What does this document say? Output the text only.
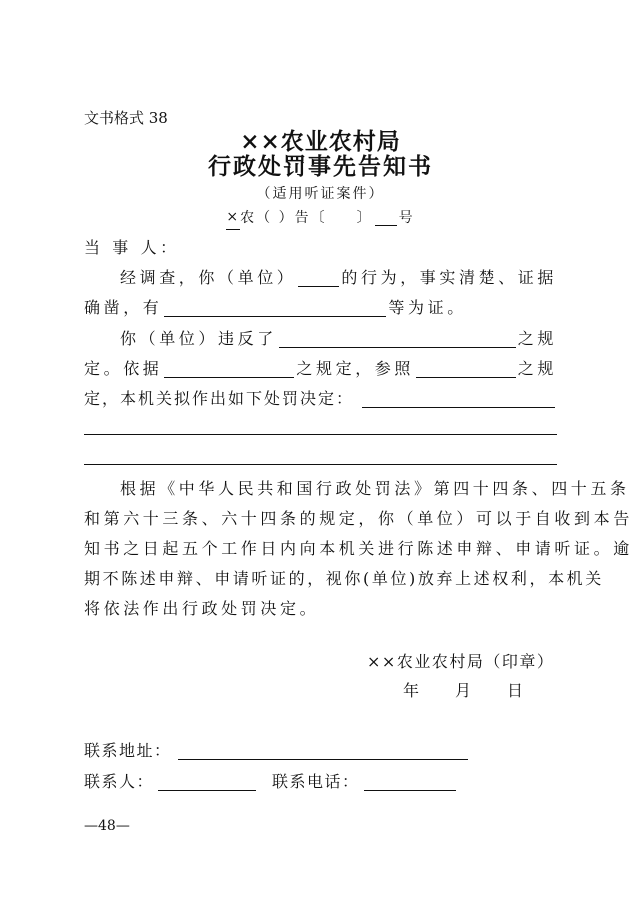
文书格式 38
××农业农村局
行政处罚事先告知书
（适用听证案件）
× 农（ ）告〔 〕 号
当 事 人：
经调查，你（单位）	的行为，事实清楚、证据
确凿，有	等为证。
你（单位）违反了	之规
定。依据	之规定，参照	之规
定，本机关拟作出如下处罚决定：
根据《中华人民共和国行政处罚法》第四十四条、四十五条
和第六十三条、六十四条的规定，你（单位）可以于自收到本告
知书之日起五个工作日内向本机关进行陈述申辩、申请听证。逾
期不陈述申辩、申请听证的，视你(单位)放弃上述权利，本机关
将依法作出行政处罚决定。
××农业农村局（印章）
年 月 日
联系地址：
联系人：	联系电话：
—48—
